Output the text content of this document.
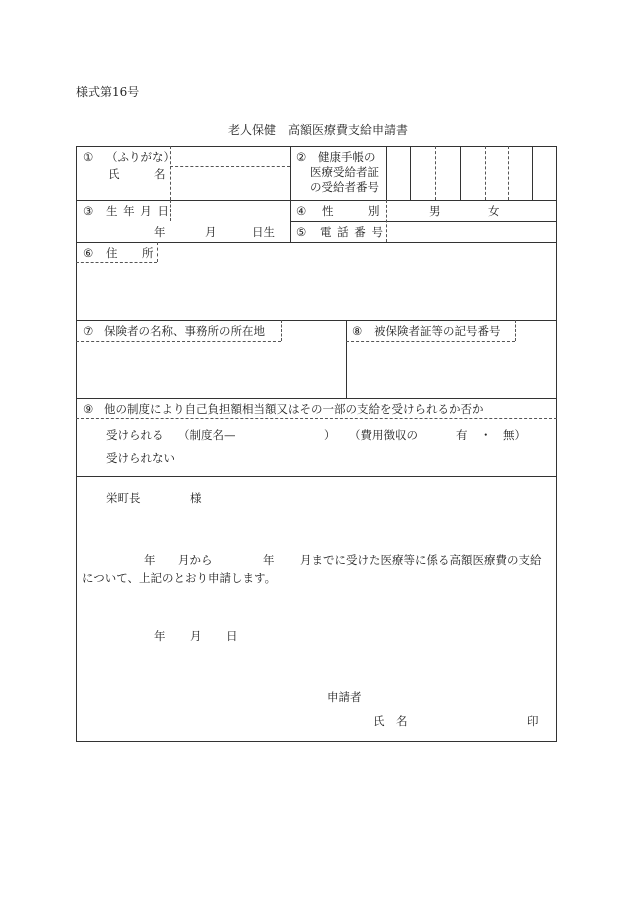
様式第16号
老人保健　高額医療費支給申請書
① （ふりがな）
氏	名
② 健康手帳の
医療受給者証
の受給者番号
③ 生 年 月 日
年	月	日生
④ 性	別	男	女
⑤ 電 話 番 号
⑥ 住 所
⑦ 保険者の名称、事務所の所在地	⑧ 被保険者証等の記号番号
⑨ 他の制度により自己負担額相当額又はその一部の支給を受けられるか否か
受けられる （制度名—	） （費用徴収の	有 ・ 無）
受けられない
栄町長	様
年 月から	年 月までに受けた医療等に係る高額医療費の支給
について、上記のとおり申請します。
年 月 日
申請者
氏 名	印
